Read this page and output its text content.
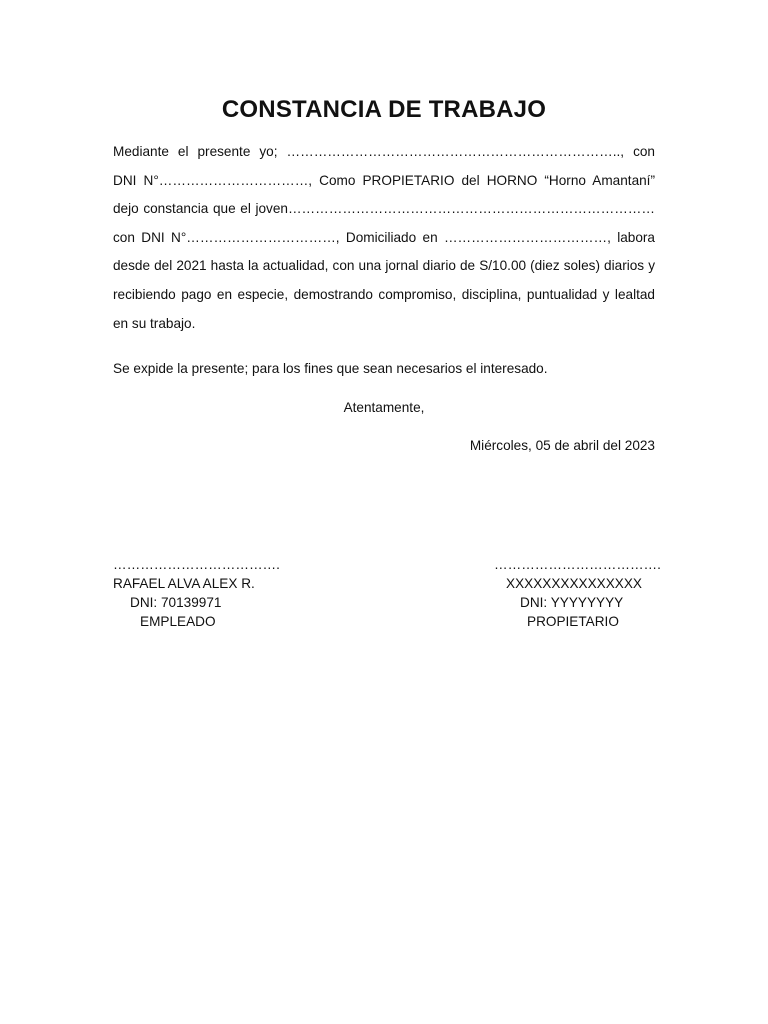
CONSTANCIA DE TRABAJO

Mediante el presente yo; ……………………………………………………………….., con DNI N°……………………………, Como PROPIETARIO del HORNO “Horno Amantaní” dejo constancia que el joven………………………………………………………………………con DNI N°……………………………, Domiciliado en ………………………………, labora desde del 2021 hasta la actualidad, con una jornal diario de S/10.00 (diez soles) diarios y recibiendo pago en especie, demostrando compromiso, disciplina, puntualidad y lealtad en su trabajo.

Se expide la presente; para los fines que sean necesarios el interesado.

Atentamente,

Miércoles, 05 de abril del 2023

……………………………….
RAFAEL ALVA ALEX R.
DNI: 70139971
EMPLEADO
……………………………….
XXXXXXXXXXXXXXX
DNI: YYYYYYYY
PROPIETARIO
